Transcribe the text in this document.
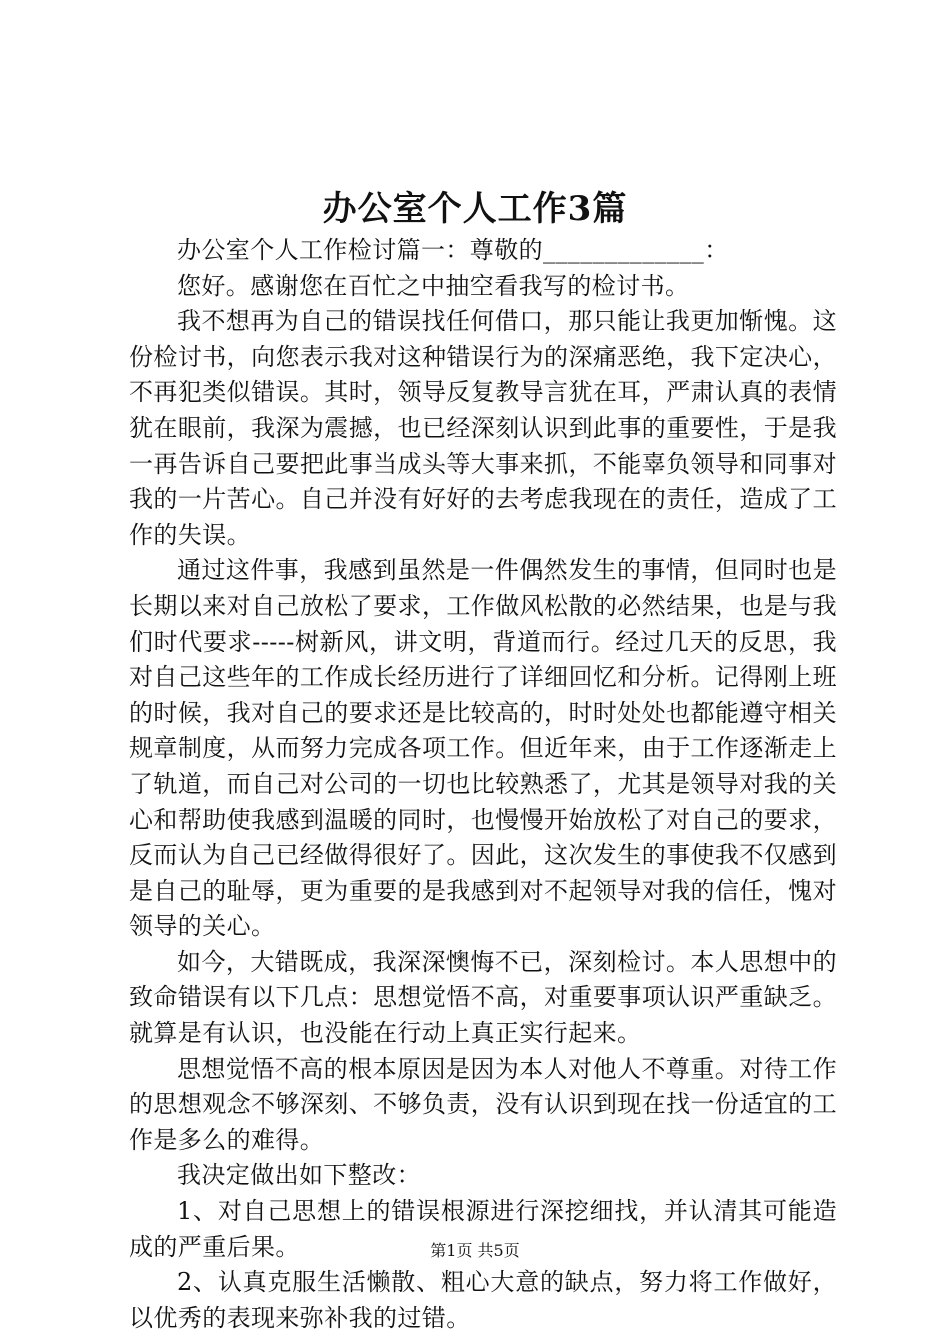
办公室个人工作3篇

办公室个人工作检讨篇一：尊敬的_____________：

您好。感谢您在百忙之中抽空看我写的检讨书。

我不想再为自己的错误找任何借口，那只能让我更加惭愧。这份检讨书，向您表示我对这种错误行为的深痛恶绝，我下定决心，不再犯类似错误。其时，领导反复教导言犹在耳，严肃认真的表情犹在眼前，我深为震撼，也已经深刻认识到此事的重要性，于是我一再告诉自己要把此事当成头等大事来抓，不能辜负领导和同事对我的一片苦心。自己并没有好好的去考虑我现在的责任，造成了工作的失误。

通过这件事，我感到虽然是一件偶然发生的事情，但同时也是长期以来对自己放松了要求，工作做风松散的必然结果，也是与我们时代要求-----树新风，讲文明，背道而行。经过几天的反思，我对自己这些年的工作成长经历进行了详细回忆和分析。记得刚上班的时候，我对自己的要求还是比较高的，时时处处也都能遵守相关规章制度，从而努力完成各项工作。但近年来，由于工作逐渐走上了轨道，而自己对公司的一切也比较熟悉了，尤其是领导对我的关心和帮助使我感到温暖的同时，也慢慢开始放松了对自己的要求，反而认为自己已经做得很好了。因此，这次发生的事使我不仅感到是自己的耻辱，更为重要的是我感到对不起领导对我的信任，愧对领导的关心。

如今，大错既成，我深深懊悔不已，深刻检讨。本人思想中的致命错误有以下几点：思想觉悟不高，对重要事项认识严重缺乏。就算是有认识，也没能在行动上真正实行起来。

思想觉悟不高的根本原因是因为本人对他人不尊重。对待工作的思想观念不够深刻、不够负责，没有认识到现在找一份适宜的工作是多么的难得。

我决定做出如下整改：

1、对自己思想上的错误根源进行深挖细找，并认清其可能造成的严重后果。

2、认真克服生活懒散、粗心大意的缺点，努力将工作做好，以优秀的表现来弥补我的过错。

第1页 共5页
